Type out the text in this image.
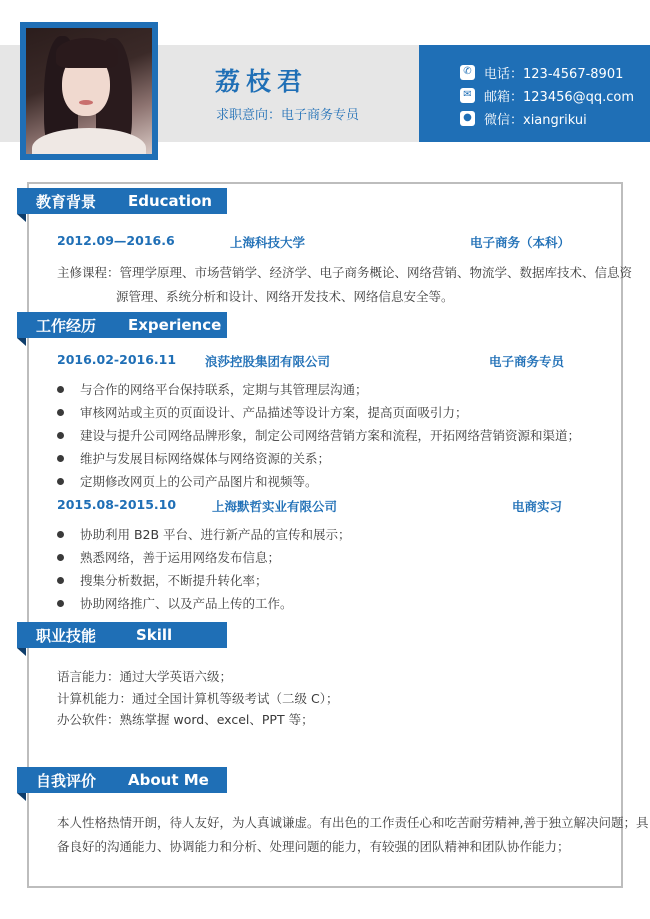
荔枝君
求职意向：电子商务专员
✆ 电话：123-4567-8901
✉ 邮箱：123456@qq.com
● 微信：xiangrikui
教育背景	Education
2012.09—2016.6	上海科技大学	电子商务（本科）
主修课程：管理学原理、市场营销学、经济学、电子商务概论、网络营销、物流学、数据库技术、信息资
源管理、系统分析和设计、网络开发技术、网络信息安全等。
工作经历	Experience
2016.02-2016.11 浪莎控股集团有限公司	电子商务专员
与合作的网络平台保持联系，定期与其管理层沟通；
审核网站或主页的页面设计、产品描述等设计方案，提高页面吸引力；
建设与提升公司网络品牌形象，制定公司网络营销方案和流程，开拓网络营销资源和渠道；
维护与发展目标网络媒体与网络资源的关系；
定期修改网页上的公司产品图片和视频等。
2015.08-2015.10	上海默哲实业有限公司	电商实习
协助利用 B2B 平台、进行新产品的宣传和展示；
熟悉网络，善于运用网络发布信息；
搜集分析数据，不断提升转化率；
协助网络推广、以及产品上传的工作。
职业技能	Skill
语言能力：通过大学英语六级；
计算机能力：通过全国计算机等级考试（二级 C）；
办公软件：熟练掌握 word、excel、PPT 等；
自我评价	About Me
本人性格热情开朗，待人友好，为人真诚谦虚。有出色的工作责任心和吃苦耐劳精神,善于独立解决问题；具
备良好的沟通能力、协调能力和分析、处理问题的能力，有较强的团队精神和团队协作能力；
